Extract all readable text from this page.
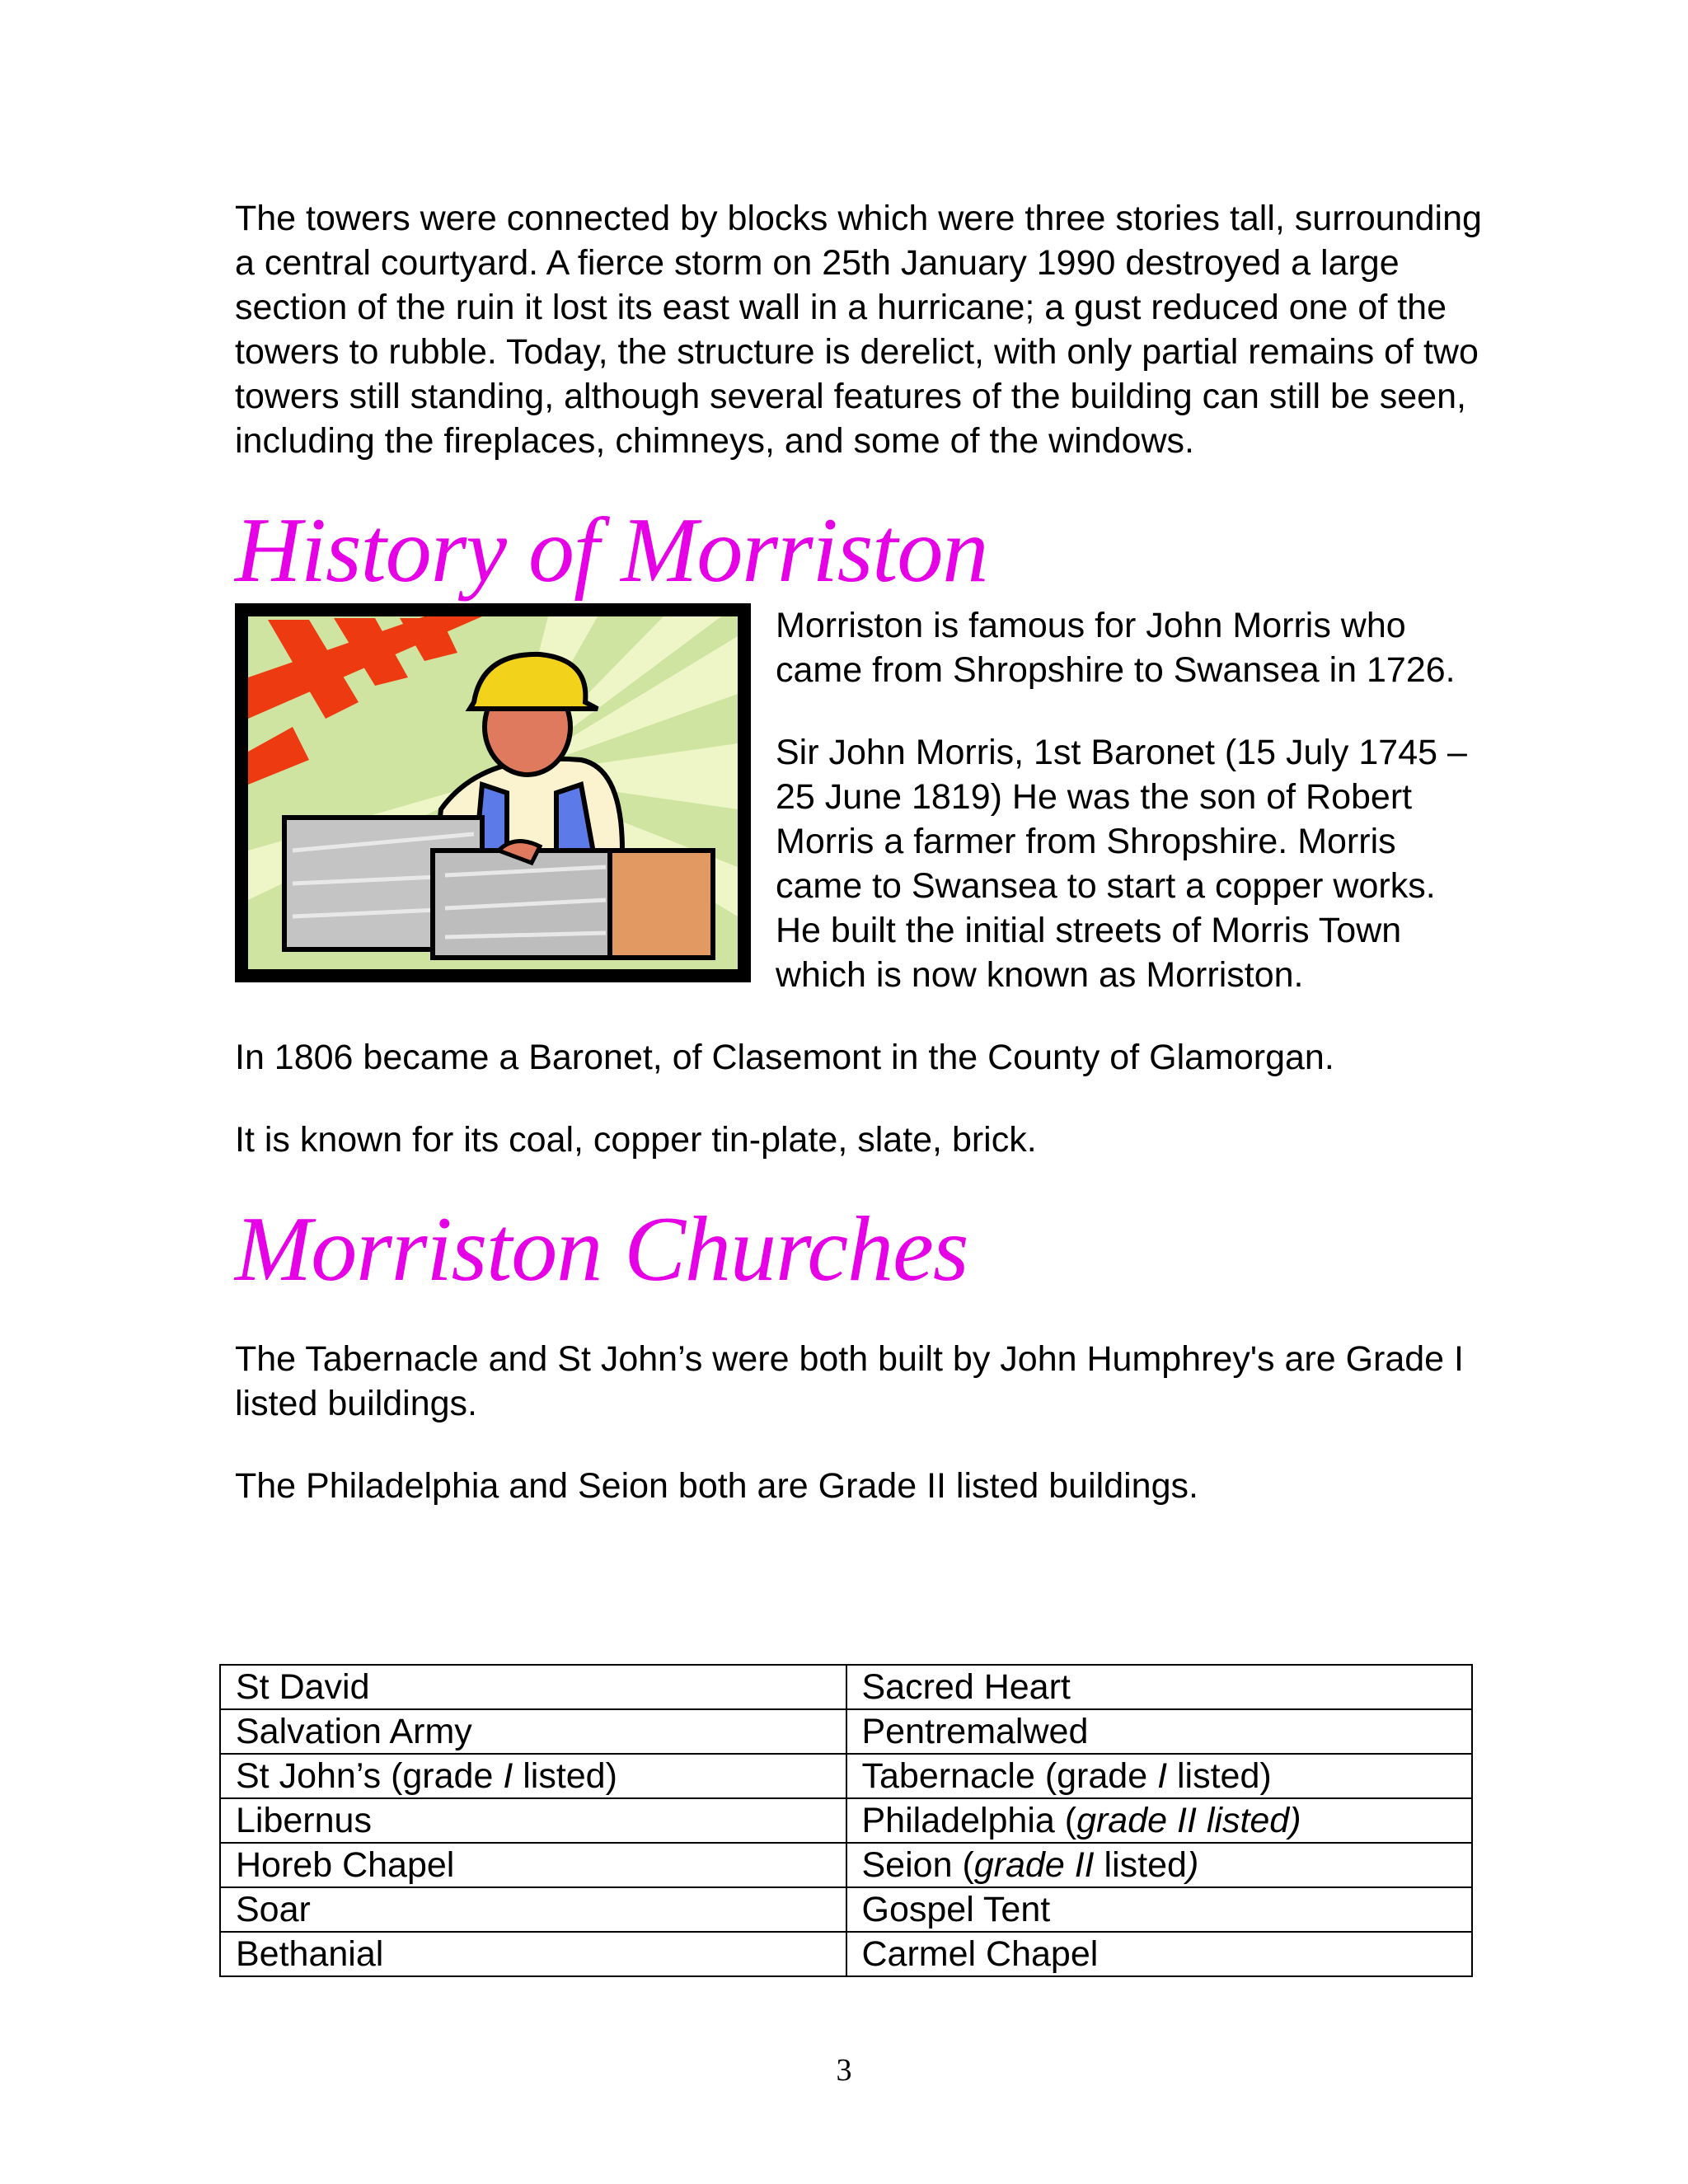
The towers were connected by blocks which were three stories tall, surrounding a central courtyard. A fierce storm on 25th January 1990 destroyed a large section of the ruin it lost its east wall in a hurricane; a gust reduced one of the towers to rubble. Today, the structure is derelict, with only partial remains of two towers still standing, although several features of the building can still be seen, including the fireplaces, chimneys, and some of the windows.

History of Morriston

Morriston is famous for John Morris who came from Shropshire to Swansea in 1726.

Sir John Morris, 1st Baronet (15 July 1745 – 25 June 1819) He was the son of Robert Morris a farmer from Shropshire. Morris came to Swansea to start a copper works. He built the initial streets of Morris Town which is now known as Morriston.

In 1806 became a Baronet, of Clasemont in the County of Glamorgan.

It is known for its coal, copper tin-plate, slate, brick.

Morriston Churches

The Tabernacle and St John’s were both built by John Humphrey's are Grade I listed buildings.

The Philadelphia and Seion both are Grade II listed buildings.

St David	Sacred Heart
Salvation Army	Pentremalwed
St John’s (grade I listed)	Tabernacle (grade I listed)
Libernus	Philadelphia (grade II listed)
Horeb Chapel	Seion (grade II listed)
Soar	Gospel Tent
Bethanial	Carmel Chapel
3
